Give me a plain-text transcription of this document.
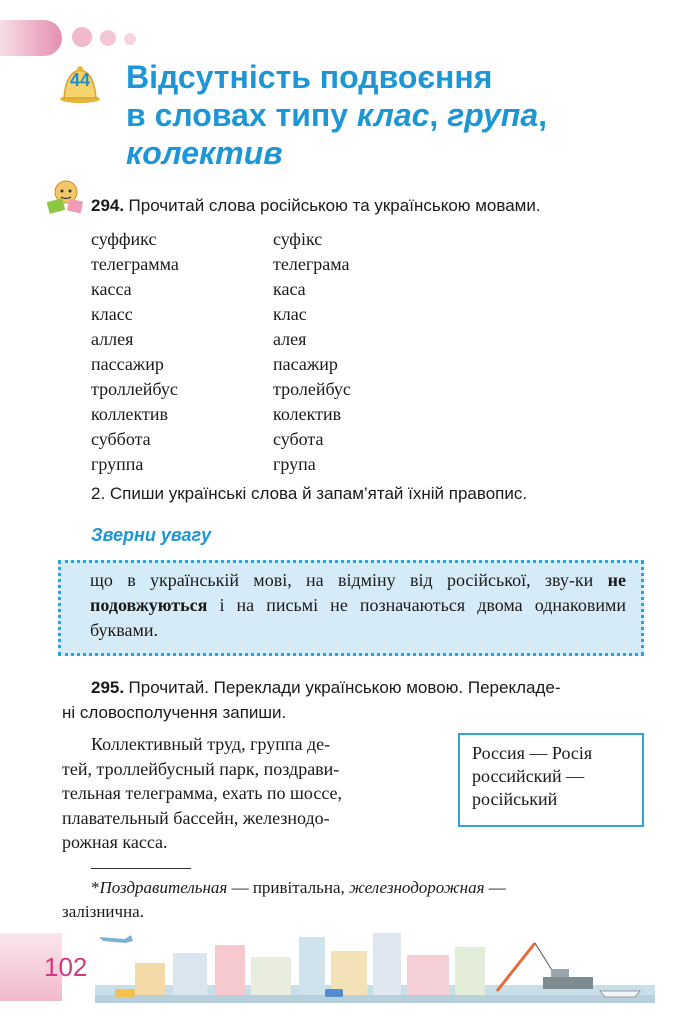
44	Відсутність подвоєння
в словах типу клас, група,
колектив
294. Прочитай слова російською та українською мовами.
суффикс
телеграмма
касса
класс
аллея
пассажир
троллейбус
коллектив
суббота
группа
суфікс
телеграма
каса
клас
алея
пасажир
тролейбус
колектив
субота
група
2. Спиши українські слова й запам’ятай їхній правопис.
Зверни увагу
що в українській мові, на відміну від російської, зву-ки не подовжуються і на письмі не позначаються двома однаковими буквами.
295. Прочитай. Переклади українською мовою. Перекладе-
ні словосполучення запиши.
Коллективный труд, группа де-
тей, троллейбусный парк, поздрави-
тельная телеграмма, ехать по шоссе,
плавательный бассейн, железнодо-
рожная касса.
Россия — Росія
российский —
російський
*Поздравительная — привітальна, железнодорожная —
залізнична.
102
